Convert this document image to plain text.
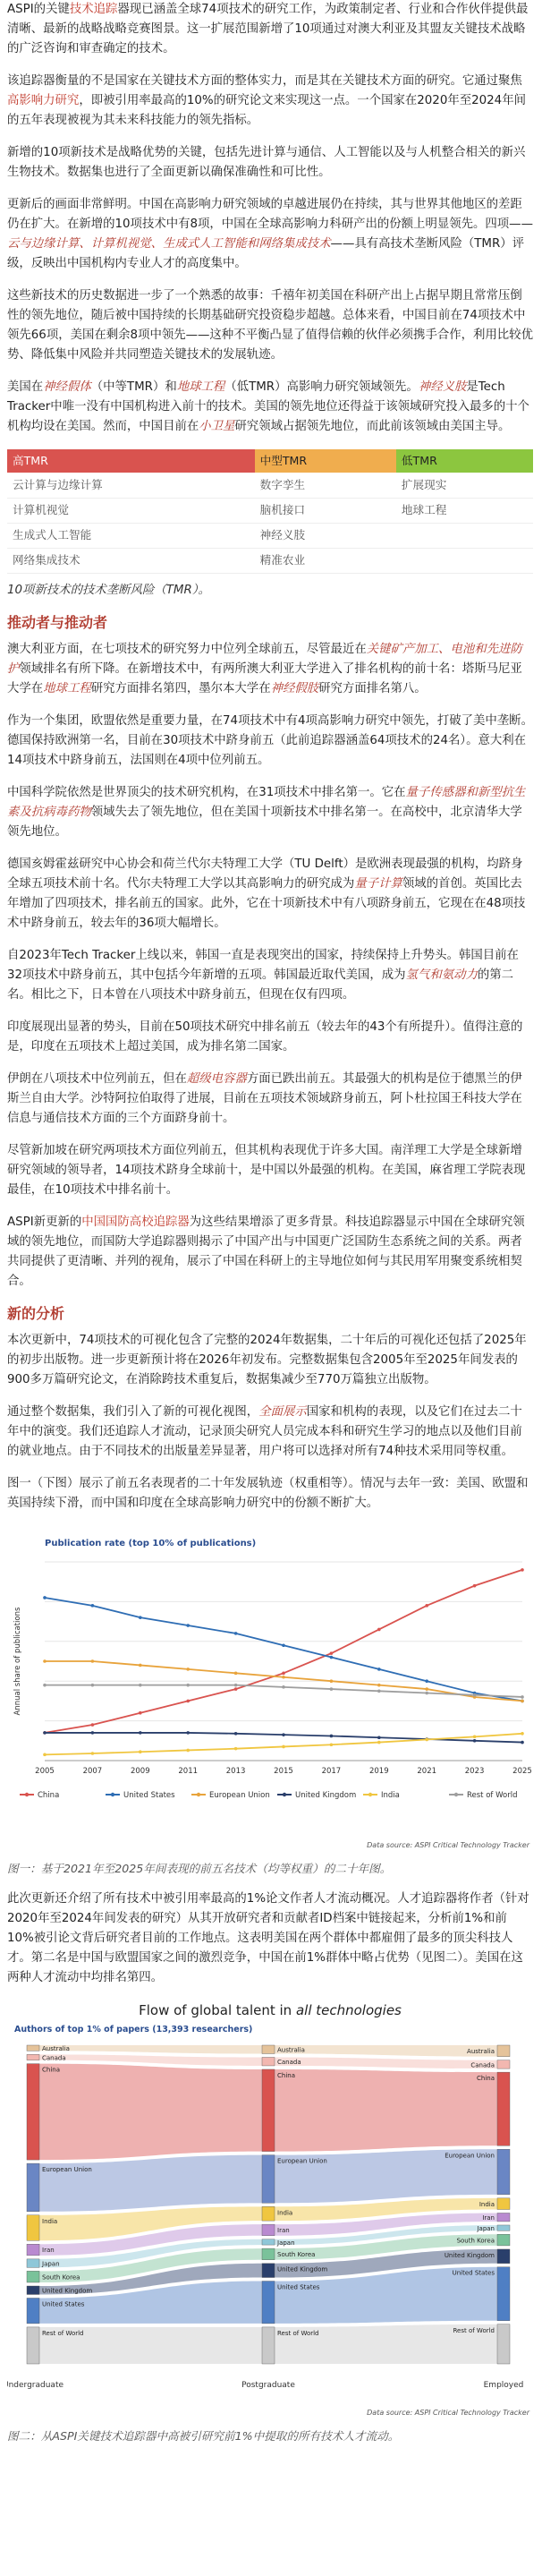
ASPI的关键技术追踪器现已涵盖全球74项技术的研究工作，为政策制定者、行业和合作伙伴提供最清晰、最新的战略战略竞赛图景。这一扩展范围新增了10项通过对澳大利亚及其盟友关键技术战略的广泛咨询和审查确定的技术。

该追踪器衡量的不是国家在关键技术方面的整体实力，而是其在关键技术方面的研究。它通过聚焦高影响力研究，即被引用率最高的10%的研究论文来实现这一点。一个国家在2020年至2024年间的五年表现被视为其未来科技能力的领先指标。

新增的10项新技术是战略优势的关键，包括先进计算与通信、人工智能以及与人机整合相关的新兴生物技术。数据集也进行了全面更新以确保准确性和可比性。

更新后的画面非常鲜明。中国在高影响力研究领域的卓越进展仍在持续，其与世界其他地区的差距仍在扩大。在新增的10项技术中有8项，中国在全球高影响力科研产出的份额上明显领先。四项——云与边缘计算、计算机视觉、生成式人工智能和网络集成技术——具有高技术垄断风险（TMR）评级，反映出中国机构内专业人才的高度集中。

这些新技术的历史数据进一步了一个熟悉的故事：千禧年初美国在科研产出上占据早期且常常压倒性的领先地位，随后被中国持续的长期基础研究投资稳步超越。总体来看，中国目前在74项技术中领先66项，美国在剩余8项中领先——这种不平衡凸显了值得信赖的伙伴必须携手合作，利用比较优势、降低集中风险并共同塑造关键技术的发展轨迹。

美国在神经假体（中等TMR）和地球工程（低TMR）高影响力研究领域领先。神经义肢是Tech Tracker中唯一没有中国机构进入前十的技术。美国的领先地位还得益于该领域研究投入最多的十个机构均设在美国。然而，中国目前在小卫星研究领域占据领先地位，而此前该领域由美国主导。

高TMR	中型TMR	低TMR
云计算与边缘计算	数字孪生	扩展现实
计算机视觉	脑机接口	地球工程
生成式人工智能	神经义肢	
网络集成技术	精准农业	

10项新技术的技术垄断风险（TMR）。

推动者与推动者

澳大利亚方面，在七项技术的研究努力中位列全球前五，尽管最近在关键矿产加工、电池和先进防护领域排名有所下降。在新增技术中，有两所澳大利亚大学进入了排名机构的前十名：塔斯马尼亚大学在地球工程研究方面排名第四，墨尔本大学在神经假肢研究方面排名第八。

作为一个集团，欧盟依然是重要力量，在74项技术中有4项高影响力研究中领先，打破了美中垄断。德国保持欧洲第一名，目前在30项技术中跻身前五（此前追踪器涵盖64项技术的24名）。意大利在14项技术中跻身前五，法国则在4项中位列前五。

中国科学院依然是世界顶尖的技术研究机构，在31项技术中排名第一。它在量子传感器和新型抗生素及抗病毒药物领域失去了领先地位，但在美国十项新技术中排名第一。在高校中，北京清华大学领先地位。

德国亥姆霍兹研究中心协会和荷兰代尔夫特理工大学（TU Delft）是欧洲表现最强的机构，均跻身全球五项技术前十名。代尔夫特理工大学以其高影响力的研究成为量子计算领域的首创。英国比去年增加了四项技术，排名前五的国家。此外，它在十项新技术中有八项跻身前五，它现在在48项技术中跻身前五，较去年的36项大幅增长。

自2023年Tech Tracker上线以来，韩国一直是表现突出的国家，持续保持上升势头。韩国目前在32项技术中跻身前五，其中包括今年新增的五项。韩国最近取代美国，成为氢气和氨动力的第二名。相比之下，日本曾在八项技术中跻身前五，但现在仅有四项。

印度展现出显著的势头，目前在50项技术研究中排名前五（较去年的43个有所提升）。值得注意的是，印度在五项技术上超过美国，成为排名第二国家。

伊朗在八项技术中位列前五，但在超级电容器方面已跌出前五。其最强大的机构是位于德黑兰的伊斯兰自由大学。沙特阿拉伯取得了进展，目前在五项技术领域跻身前五，阿卜杜拉国王科技大学在信息与通信技术方面的三个方面跻身前十。

尽管新加坡在研究两项技术方面位列前五，但其机构表现优于许多大国。南洋理工大学是全球新增研究领域的领导者，14项技术跻身全球前十，是中国以外最强的机构。在美国，麻省理工学院表现最佳，在10项技术中排名前十。

ASPI新更新的中国国防高校追踪器为这些结果增添了更多背景。科技追踪器显示中国在全球研究领域的领先地位，而国防大学追踪器则揭示了中国产出与中国更广泛国防生态系统之间的关系。两者共同提供了更清晰、并列的视角，展示了中国在科研上的主导地位如何与其民用军用聚变系统相契合。

新的分析

本次更新中，74项技术的可视化包含了完整的2024年数据集，二十年后的可视化还包括了2025年的初步出版物。进一步更新预计将在2026年初发布。完整数据集包含2005年至2025年间发表的900多万篇研究论文，在消除跨技术重复后，数据集减少至770万篇独立出版物。

通过整个数据集，我们引入了新的可视化视图，全面展示国家和机构的表现，以及它们在过去二十年中的演变。我们还追踪人才流动，记录顶尖研究人员完成本科和研究生学习的地点以及他们目前的就业地点。由于不同技术的出版量差异显著，用户将可以选择对所有74种技术采用同等权重。

图一（下图）展示了前五名表现者的二十年发展轨迹（权重相等）。情况与去年一致：美国、欧盟和英国持续下滑，而中国和印度在全球高影响力研究中的份额不断扩大。

Publication rate (top 10% of publications)
Annual share of publications
2005	2007	2009	2011	2013	2015	2017	2019	2021	2023	2025
China	United States	European Union	United Kingdom	India	Rest of World
Data source: ASPI Critical Technology Tracker

图一：基于2021年至2025年间表现的前五名技术（均等权重）的二十年图。

此次更新还介绍了所有技术中被引用率最高的1%论文作者人才流动概况。人才追踪器将作者（针对2020年至2024年间发表的研究）从其开放研究者和贡献者ID档案中链接起来，分析前1%和前10%被引论文背后研究者目前的工作地点。这表明美国在两个群体中都雇佣了最多的顶尖科技人才。第二名是中国与欧盟国家之间的激烈竞争，中国在前1%群体中略占优势（见图二）。美国在这两种人才流动中均排名第四。

Flow of global talent in all technologies
Authors of top 1% of papers (13,393 researchers)
Australia
Canada
China
European Union
India
Iran
Japan
South Korea
United Kingdom
United States
Rest of World
Undergraduate
Australia
Canada
China
European Union
India
Iran
Japan
South Korea
United Kingdom
United States
Rest of World
Postgraduate
Australia
Canada
China
European Union
India
Iran
Japan
South Korea
United Kingdom
United States
Rest of World
Employed
Data source: ASPI Critical Technology Tracker

图二：从ASPI关键技术追踪器中高被引研究前1%中提取的所有技术人才流动。
